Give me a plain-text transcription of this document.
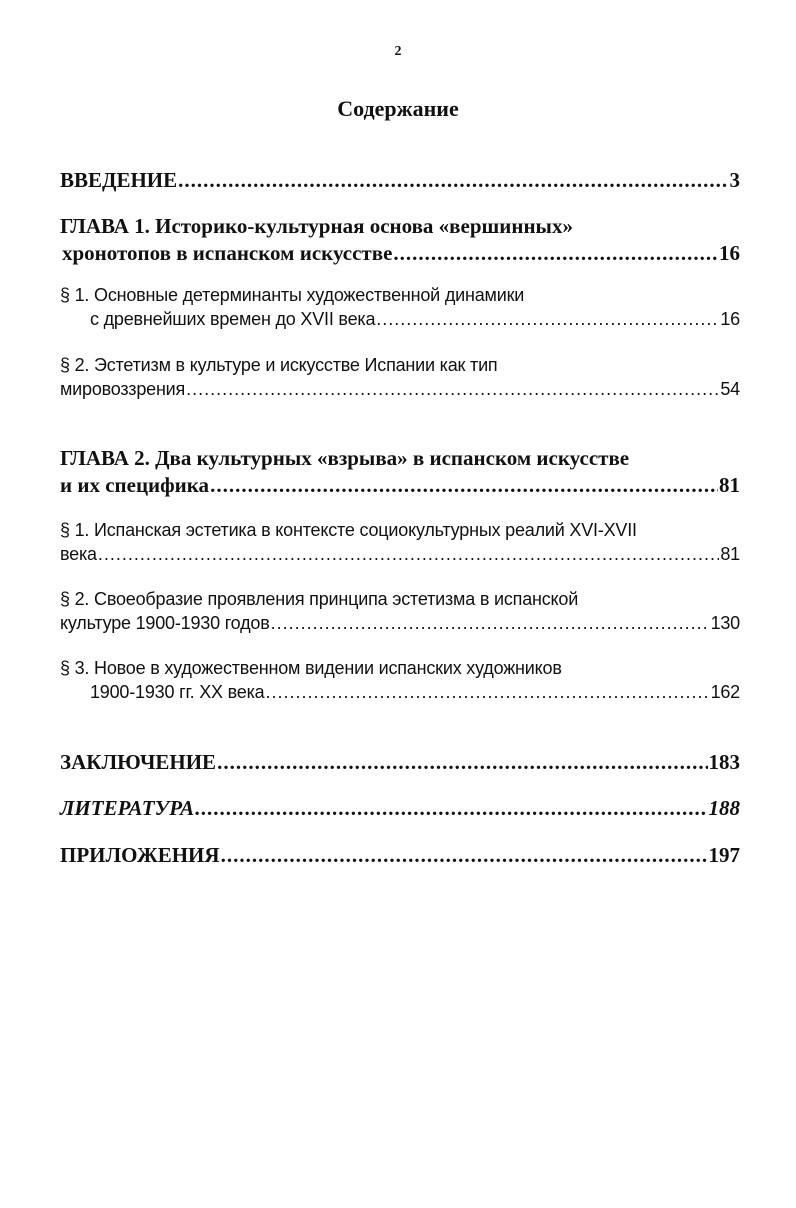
2
Содержание
ВВЕДЕНИЕ .....	3
ГЛАВА 1. Историко-культурная основа «вершинных»
хронотопов в испанском искусстве .....	16
§ 1. Основные детерминанты художественной динамики
с древнейших времен до XVII века .....	16
§ 2. Эстетизм в культуре и искусстве Испании как тип
мировоззрения .....	54
ГЛАВА 2. Два культурных «взрыва» в испанском искусстве
и их специфика .....	81
§ 1. Испанская эстетика в контексте социокультурных реалий XVI-XVII
века .....	81
§ 2. Своеобразие проявления принципа эстетизма в испанской
культуре 1900-1930 годов .....	130
§ 3. Новое в художественном видении испанских художников
1900-1930 гг. XX века .....	162
ЗАКЛЮЧЕНИЕ .....	183
ЛИТЕРАТУРА .....	188
ПРИЛОЖЕНИЯ .....	197
